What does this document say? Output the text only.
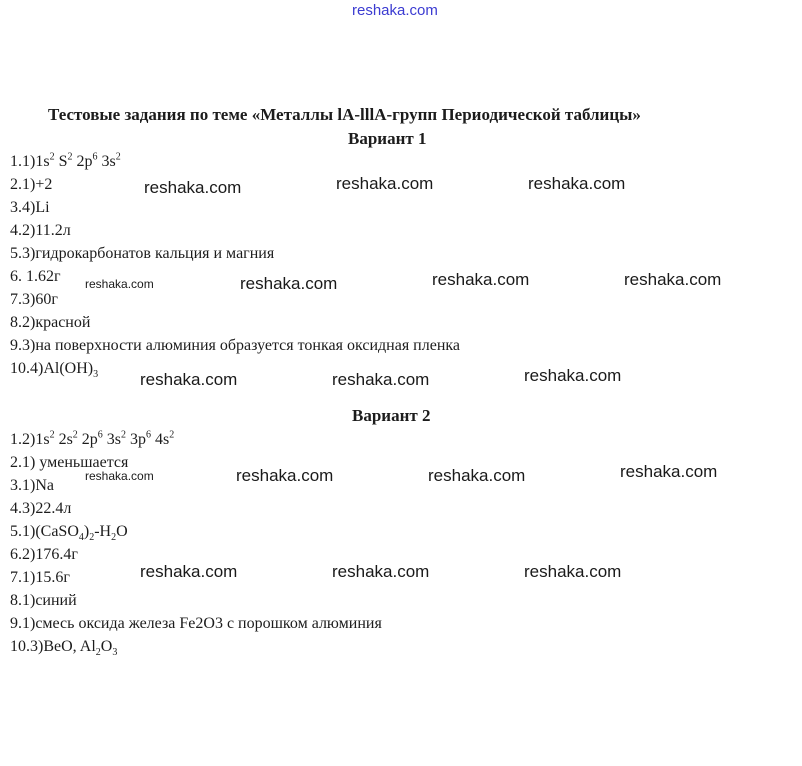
reshaka.com
Тестовые задания по теме «Металлы lA-lllA-групп Периодической таблицы»
Вариант 1
$1.1)1s^2$ $S^2$ $2p^6$ $3s^2$
2.1)+2
3.4)Li
4.2)11.2л
5.3)гидрокарбонатов кальция и магния
6. 1.62г
7.3)60г
8.2)красной
9.3)на поверхности алюминия образуется тонкая оксидная пленка
$10.4)Al(OH)_3$
Вариант 2
$1.2)1s^2$ $2s^2$ $2p^6$ $3s^2$ $3p^6$ $4s^2$
2.1) уменьшается
3.1)Na
4.3)22.4л
$5.1)(CaSO_4)_2-H_2O$
6.2)176.4г
7.1)15.6г
8.1)синий
9.1)смесь оксида железа Fe2O3 с порошком алюминия
10.3)BeO, $Al_2O_3$
reshaka.com	reshaka.com	reshaka.com
reshaka.com	reshaka.com	reshaka.com	reshaka.com
reshaka.com	reshaka.com	reshaka.com
reshaka.com	reshaka.com	reshaka.com	reshaka.com
reshaka.com	reshaka.com	reshaka.com
